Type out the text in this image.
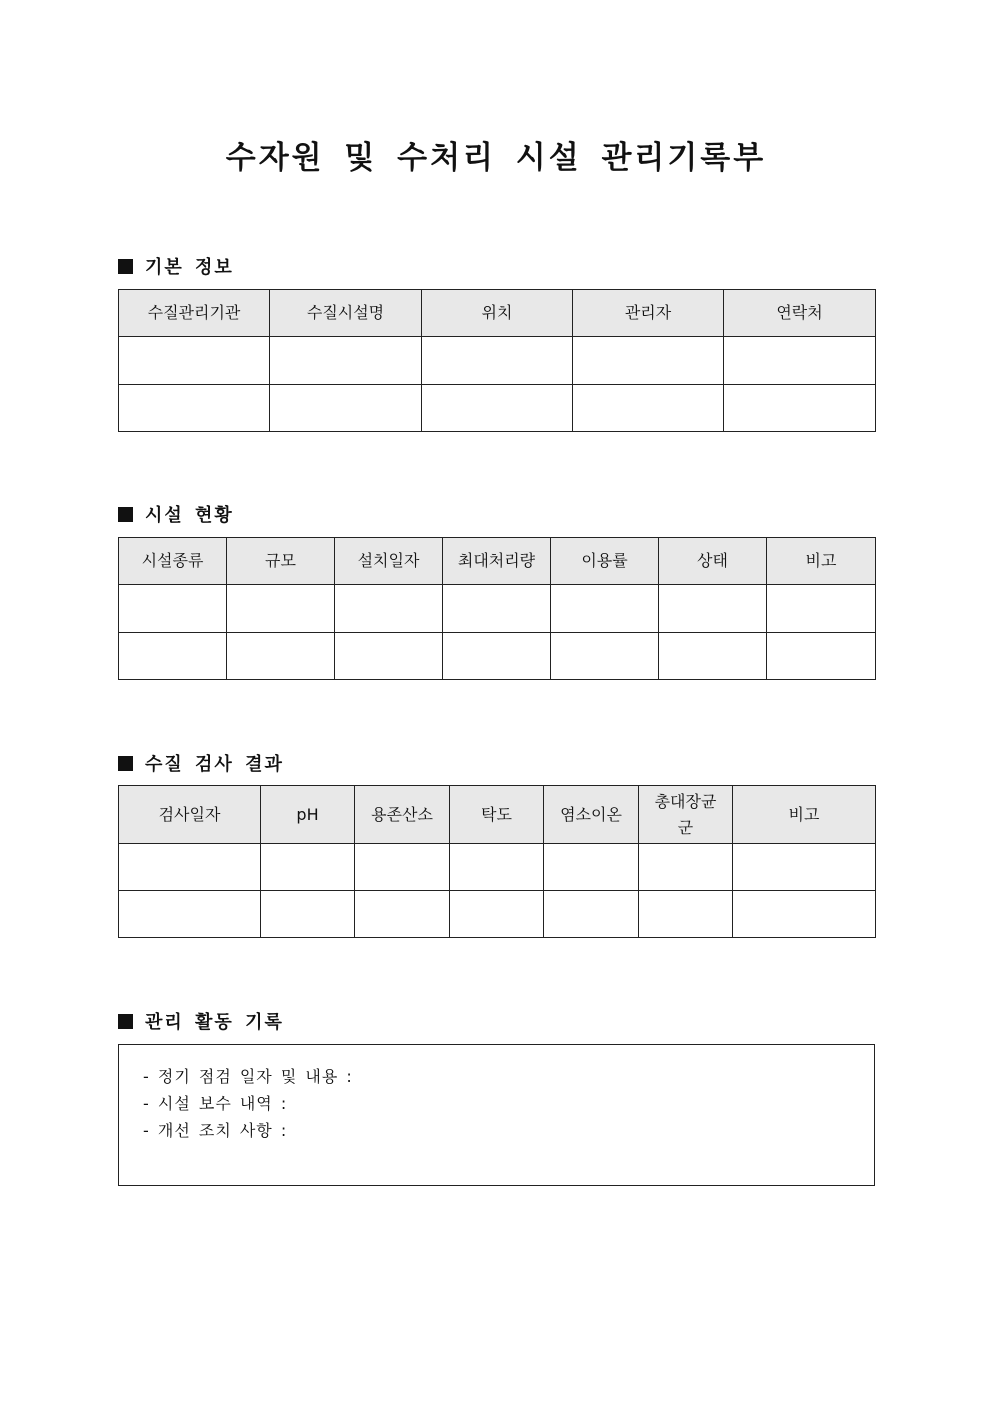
수자원 및 수처리 시설 관리기록부
기본 정보
수질관리기관	수질시설명	위치	관리자	연락처

시설 현황
시설종류	규모	설치일자	최대처리량	이용률	상태	비고

수질 검사 결과
검사일자	pH	용존산소	탁도	염소이온	총대장균군	비고

관리 활동 기록
- 정기 점검 일자 및 내용 :
- 시설 보수 내역 :
- 개선 조치 사항 :
